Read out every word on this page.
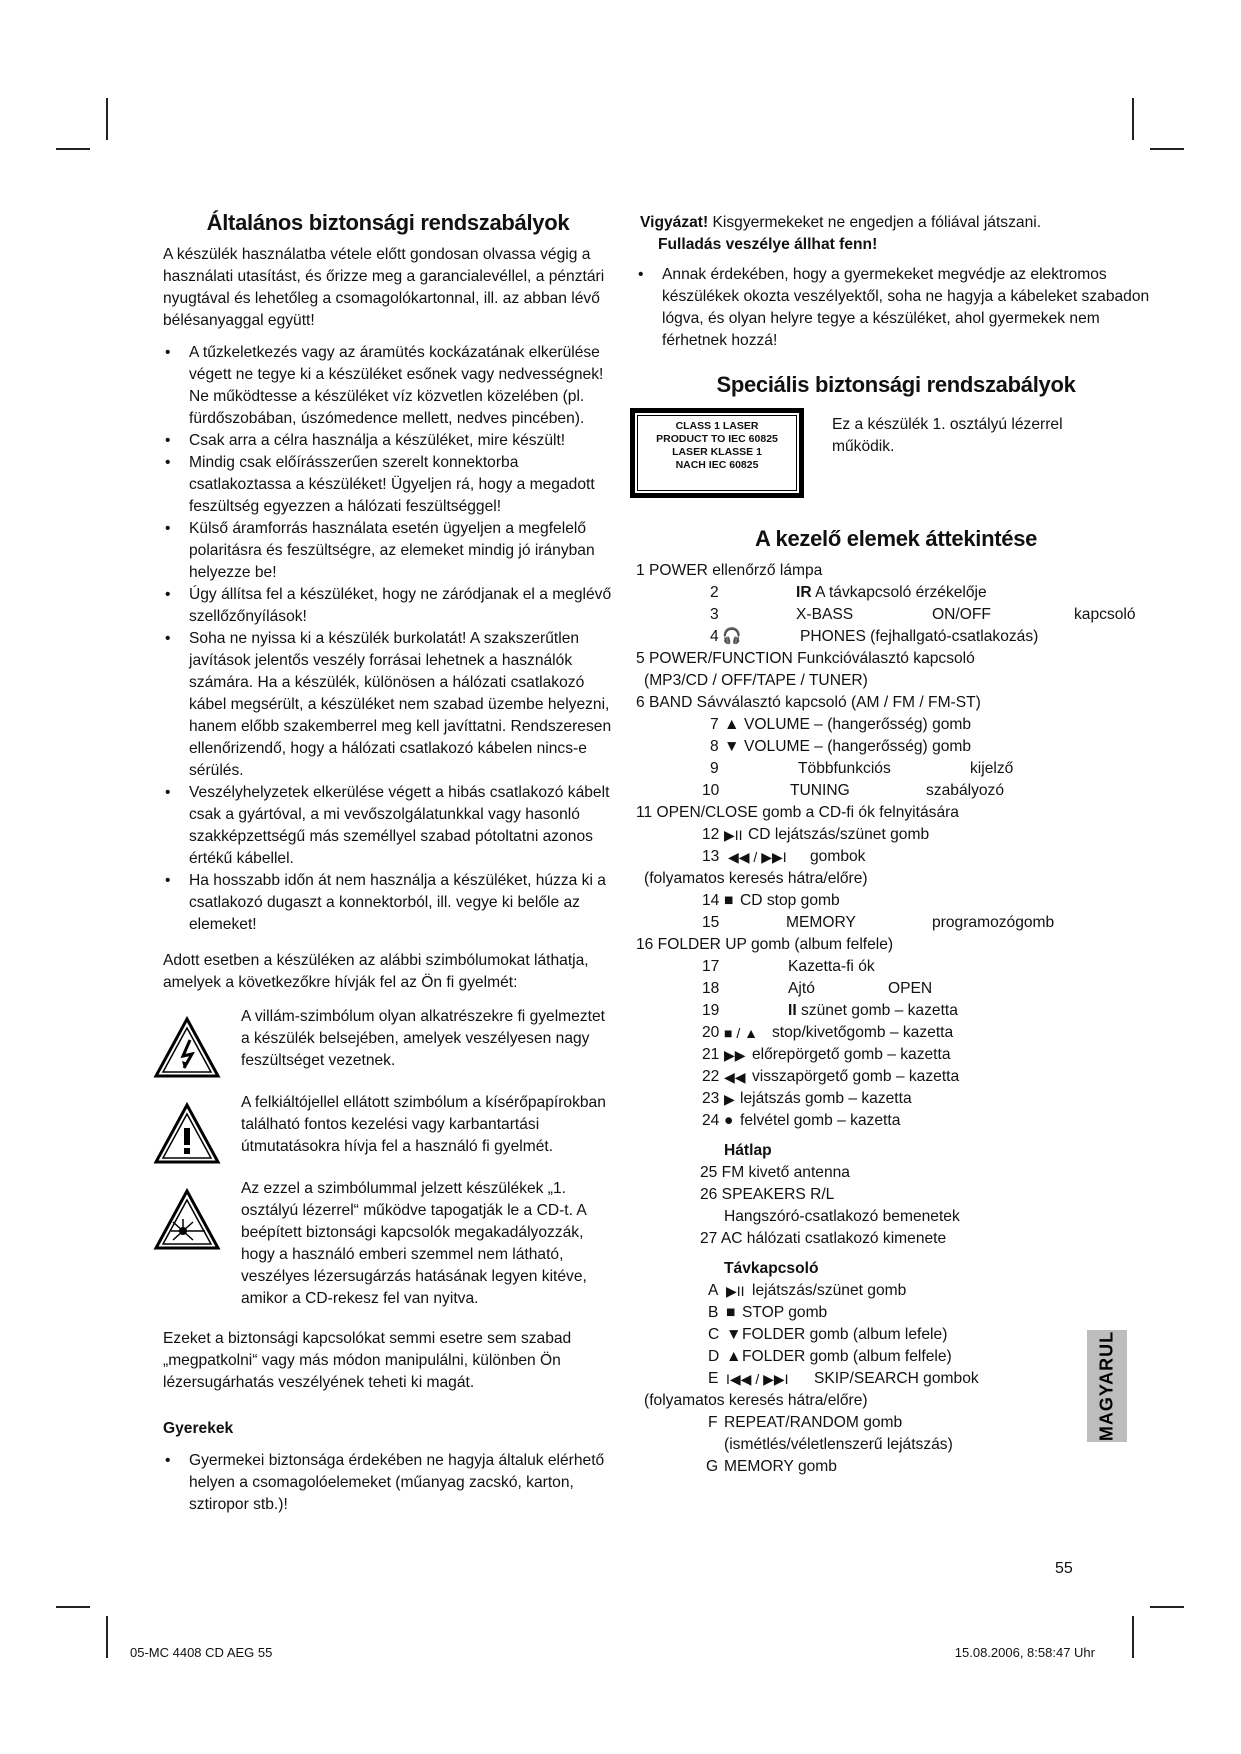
Általános biztonsági rendszabályok

A készülék használatba vétele előtt gondosan olvassa végig a használati utasítást, és őrizze meg a garancialevéllel, a pénztári nyugtával és lehetőleg a csomagolókartonnal, ill. az abban lévő bélésanyaggal együtt!

• A tűzkeletkezés vagy az áramütés kockázatának elkerülése végett ne tegye ki a készüléket esőnek vagy nedvességnek! Ne működtesse a készüléket víz közvetlen közelében (pl. fürdőszobában, úszómedence mellett, nedves pincében).
• Csak arra a célra használja a készüléket, mire készült!
• Mindig csak előírásszerűen szerelt konnektorba csatlakoztassa a készüléket! Ügyeljen rá, hogy a megadott feszültség egyezzen a hálózati feszültséggel!
• Külső áramforrás használata esetén ügyeljen a megfelelő polaritásra és feszültségre, az elemeket mindig jó irányban helyezze be!
• Úgy állítsa fel a készüléket, hogy ne záródjanak el a meglévő szellőzőnyílások!
• Soha ne nyissa ki a készülék burkolatát! A szakszerűtlen javítások jelentős veszély forrásai lehetnek a használók számára. Ha a készülék, különösen a hálózati csatlakozó kábel megsérült, a készüléket nem szabad üzembe helyezni, hanem előbb szakemberrel meg kell javíttatni. Rendszeresen ellenőrizendő, hogy a hálózati csatlakozó kábelen nincs-e sérülés.
• Veszélyhelyzetek elkerülése végett a hibás csatlakozó kábelt csak a gyártóval, a mi vevőszolgálatunkkal vagy hasonló szakképzettségű más személlyel szabad pótoltatni azonos értékű kábellel.
• Ha hosszabb időn át nem használja a készüléket, húzza ki a csatlakozó dugaszt a konnektorból, ill. vegye ki belőle az elemeket!

Adott esetben a készüléken az alábbi szimbólumokat láthatja, amelyek a következőkre hívják fel az Ön fi gyelmét:

A villám-szimbólum olyan alkatrészekre fi gyelmeztet a készülék belsejében, amelyek veszélyesen nagy feszültséget vezetnek.
A felkiáltójellel ellátott szimbólum a kísérőpapírokban található fontos kezelési vagy karbantartási útmutatásokra hívja fel a használó fi gyelmét.
Az ezzel a szimbólummal jelzett készülékek „1. osztályú lézerrel“ működve tapogatják le a CD-t. A beépített biztonsági kapcsolók megakadályozzák, hogy a használó emberi szemmel nem látható, veszélyes lézersugárzás hatásának legyen kitéve, amikor a CD-rekesz fel van nyitva.

Ezeket a biztonsági kapcsolókat semmi esetre sem szabad „megpatkolni“ vagy más módon manipulálni, különben Ön lézersugárhatás veszélyének teheti ki magát.

Gyerekek
• Gyermekei biztonsága érdekében ne hagyja általuk elérhető helyen a csomagolóelemeket (műanyag zacskó, karton, sztiropor stb.)!

Vigyázat! Kisgyermekeket ne engedjen a fóliával játszani.

Fulladás veszélye állhat fenn!

• Annak érdekében, hogy a gyermekeket megvédje az elektromos készülékek okozta veszélyektől, soha ne hagyja a kábeleket szabadon lógva, és olyan helyre tegye a készüléket, ahol gyermekek nem férhetnek hozzá!
Speciális biztonsági rendszabályok
CLASS 1 LASER
PRODUCT TO IEC 60825
LASER KLASSE 1
NACH IEC 60825
Ez a készülék 1. osztályú lézerrel működik.
A kezelő elemek áttekintése
1 POWER ellenőrző lámpa
2	IR A távkapcsoló érzékelője
3	X-BASS	ON/OFF	kapcsoló
4 🎧	PHONES (fejhallgató-csatlakozás)
5 POWER/FUNCTION Funkcióválasztó kapcsoló
(MP3/CD / OFF/TAPE / TUNER)
6 BAND Sávválasztó kapcsoló (AM / FM / FM-ST)
7 ▲ VOLUME – (hangerősség) gomb
8 ▼ VOLUME – (hangerősség) gomb
9	Többfunkciós	kijelző
10	TUNING	szabályozó
11 OPEN/CLOSE gomb a CD-fi ók felnyitására
12 ▶II CD lejátszás/szünet gomb
13 ◀◀ / ▶▶I gombok
(folyamatos keresés hátra/előre)
14 ■ CD stop gomb
15	MEMORY	programozógomb
16 FOLDER UP gomb (album felfele)
17	Kazetta-fi ók
18	Ajtó	OPEN
19	II szünet gomb – kazetta
20 ■ / ▲ stop/kivetőgomb – kazetta
21 ▶▶ előrepörgető gomb – kazetta
22 ◀◀ visszapörgető gomb – kazetta
23 ▶ lejátszás gomb – kazetta
24 ● felvétel gomb – kazetta
Hátlap
25 FM kivető antenna
26 SPEAKERS R/L
Hangszóró-csatlakozó bemenetek
27 AC hálózati csatlakozó kimenete
Távkapcsoló
A ▶II lejátszás/szünet gomb
B ■ STOP gomb
C ▼ FOLDER gomb (album lefele)
D ▲ FOLDER gomb (album felfele)
E I◀◀ / ▶▶I SKIP/SEARCH gombok
(folyamatos keresés hátra/előre)
F REPEAT/RANDOM gomb
(ismétlés/véletlenszerű lejátszás)
G MEMORY gomb
MAGYARUL
55
05-MC 4408 CD AEG 55	15.08.2006, 8:58:47 Uhr
